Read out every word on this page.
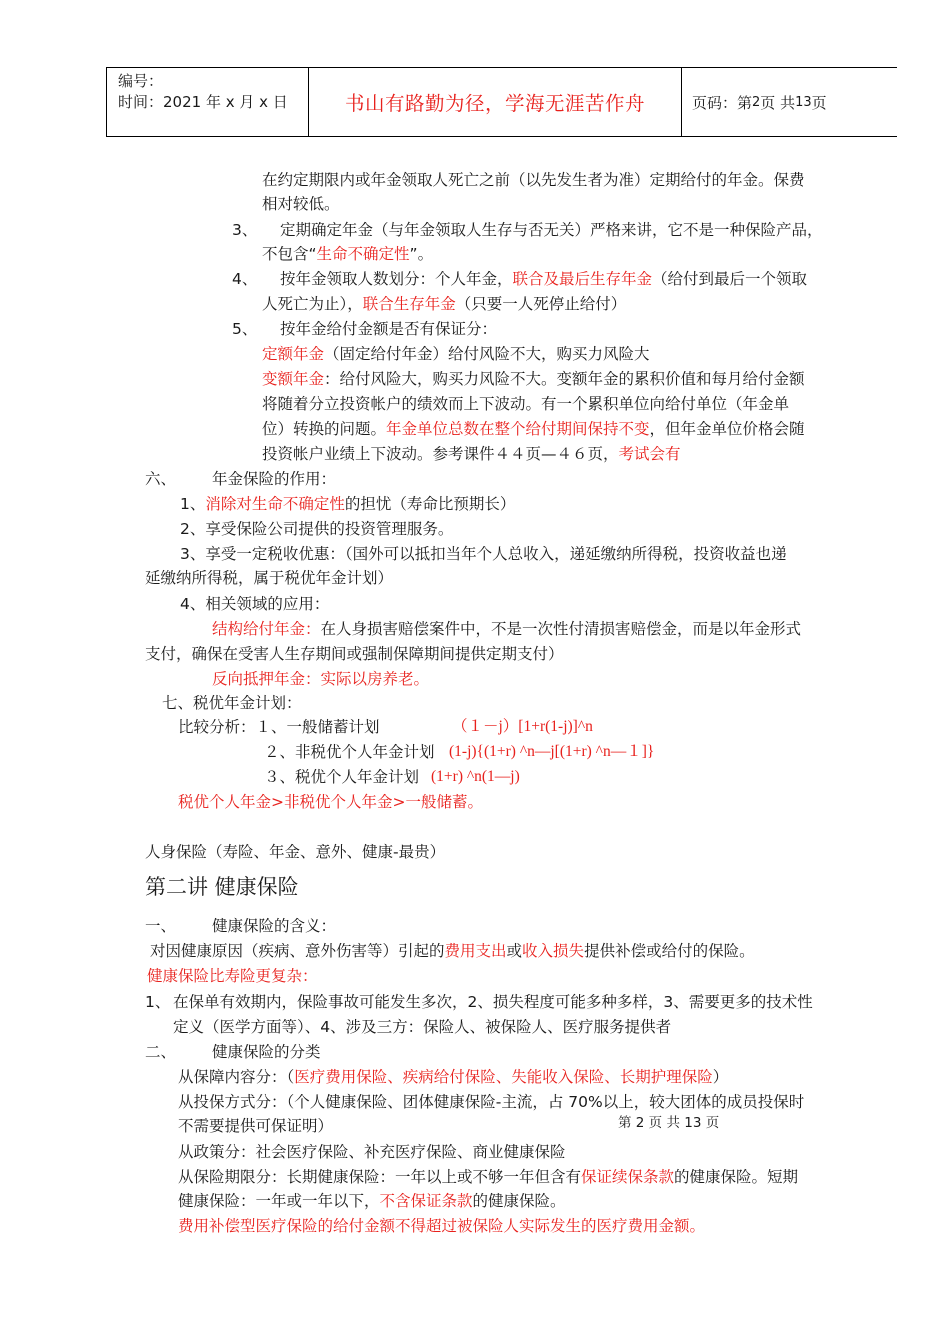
编号：
时间：2021 年 x 月 x 日	书山有路勤为径，学海无涯苦作舟	页码：第 2 页 共 13 页
在约定期限内或年金领取人死亡之前（以先发生者为准）定期给付的年金。保费
相对较低。
3、 定期确定年金（与年金领取人生存与否无关）严格来讲，它不是一种保险产品，
不包含“生命不确定性”。
4、 按年金领取人数划分：个人年金，联合及最后生存年金（给付到最后一个领取
人死亡为止），联合生存年金（只要一人死停止给付）
5、 按年金给付金额是否有保证分：
定额年金（固定给付年金）给付风险不大，购买力风险大
变额年金：给付风险大，购买力风险不大。变额年金的累积价值和每月给付金额
将随着分立投资帐户的绩效而上下波动。有一个累积单位向给付单位（年金单
位）转换的问题。年金单位总数在整个给付期间保持不变，但年金单位价格会随
投资帐户业绩上下波动。参考课件４４页—４６页，考试会有
六、 年金保险的作用：
1、消除对生命不确定性的担忧（寿命比预期长）
2、享受保险公司提供的投资管理服务。
3、享受一定税收优惠：（国外可以抵扣当年个人总收入，递延缴纳所得税，投资收益也递
延缴纳所得税，属于税优年金计划）
4、相关领域的应用：
结构给付年金：在人身损害赔偿案件中，不是一次性付清损害赔偿金，而是以年金形式
支付，确保在受害人生存期间或强制保障期间提供定期支付）
反向抵押年金：实际以房养老。
七、税优年金计划：
比较分析：１、一般储蓄计划	（１－j）[1+r(1-j)]^n
２、非税优个人年金计划 (1-j){(1+r) ^n—j[(1+r) ^n—１]}
３、税优个人年金计划 (1+r) ^n(1—j)
税优个人年金>非税优个人年金>一般储蓄。
人身保险（寿险、年金、意外、健康-最贵）
第二讲 健康保险
一、 健康保险的含义：
对因健康原因（疾病、意外伤害等）引起的费用支出或收入损失提供补偿或给付的保险。
健康保险比寿险更复杂：
1、 在保单有效期内，保险事故可能发生多次，2、损失程度可能多种多样，3、需要更多的技术性
定义（医学方面等）、4、涉及三方：保险人、被保险人、医疗服务提供者
二、 健康保险的分类
从保障内容分：（医疗费用保险、疾病给付保险、失能收入保险、长期护理保险）
从投保方式分：（个人健康保险、团体健康保险-主流，占 70%以上，较大团体的成员投保时
不需要提供可保证明）	第 2 页 共 13 页
从政策分：社会医疗保险、补充医疗保险、商业健康保险
从保险期限分：长期健康保险：一年以上或不够一年但含有保证续保条款的健康保险。短期
健康保险：一年或一年以下，不含保证条款的健康保险。
费用补偿型医疗保险的给付金额不得超过被保险人实际发生的医疗费用金额。
